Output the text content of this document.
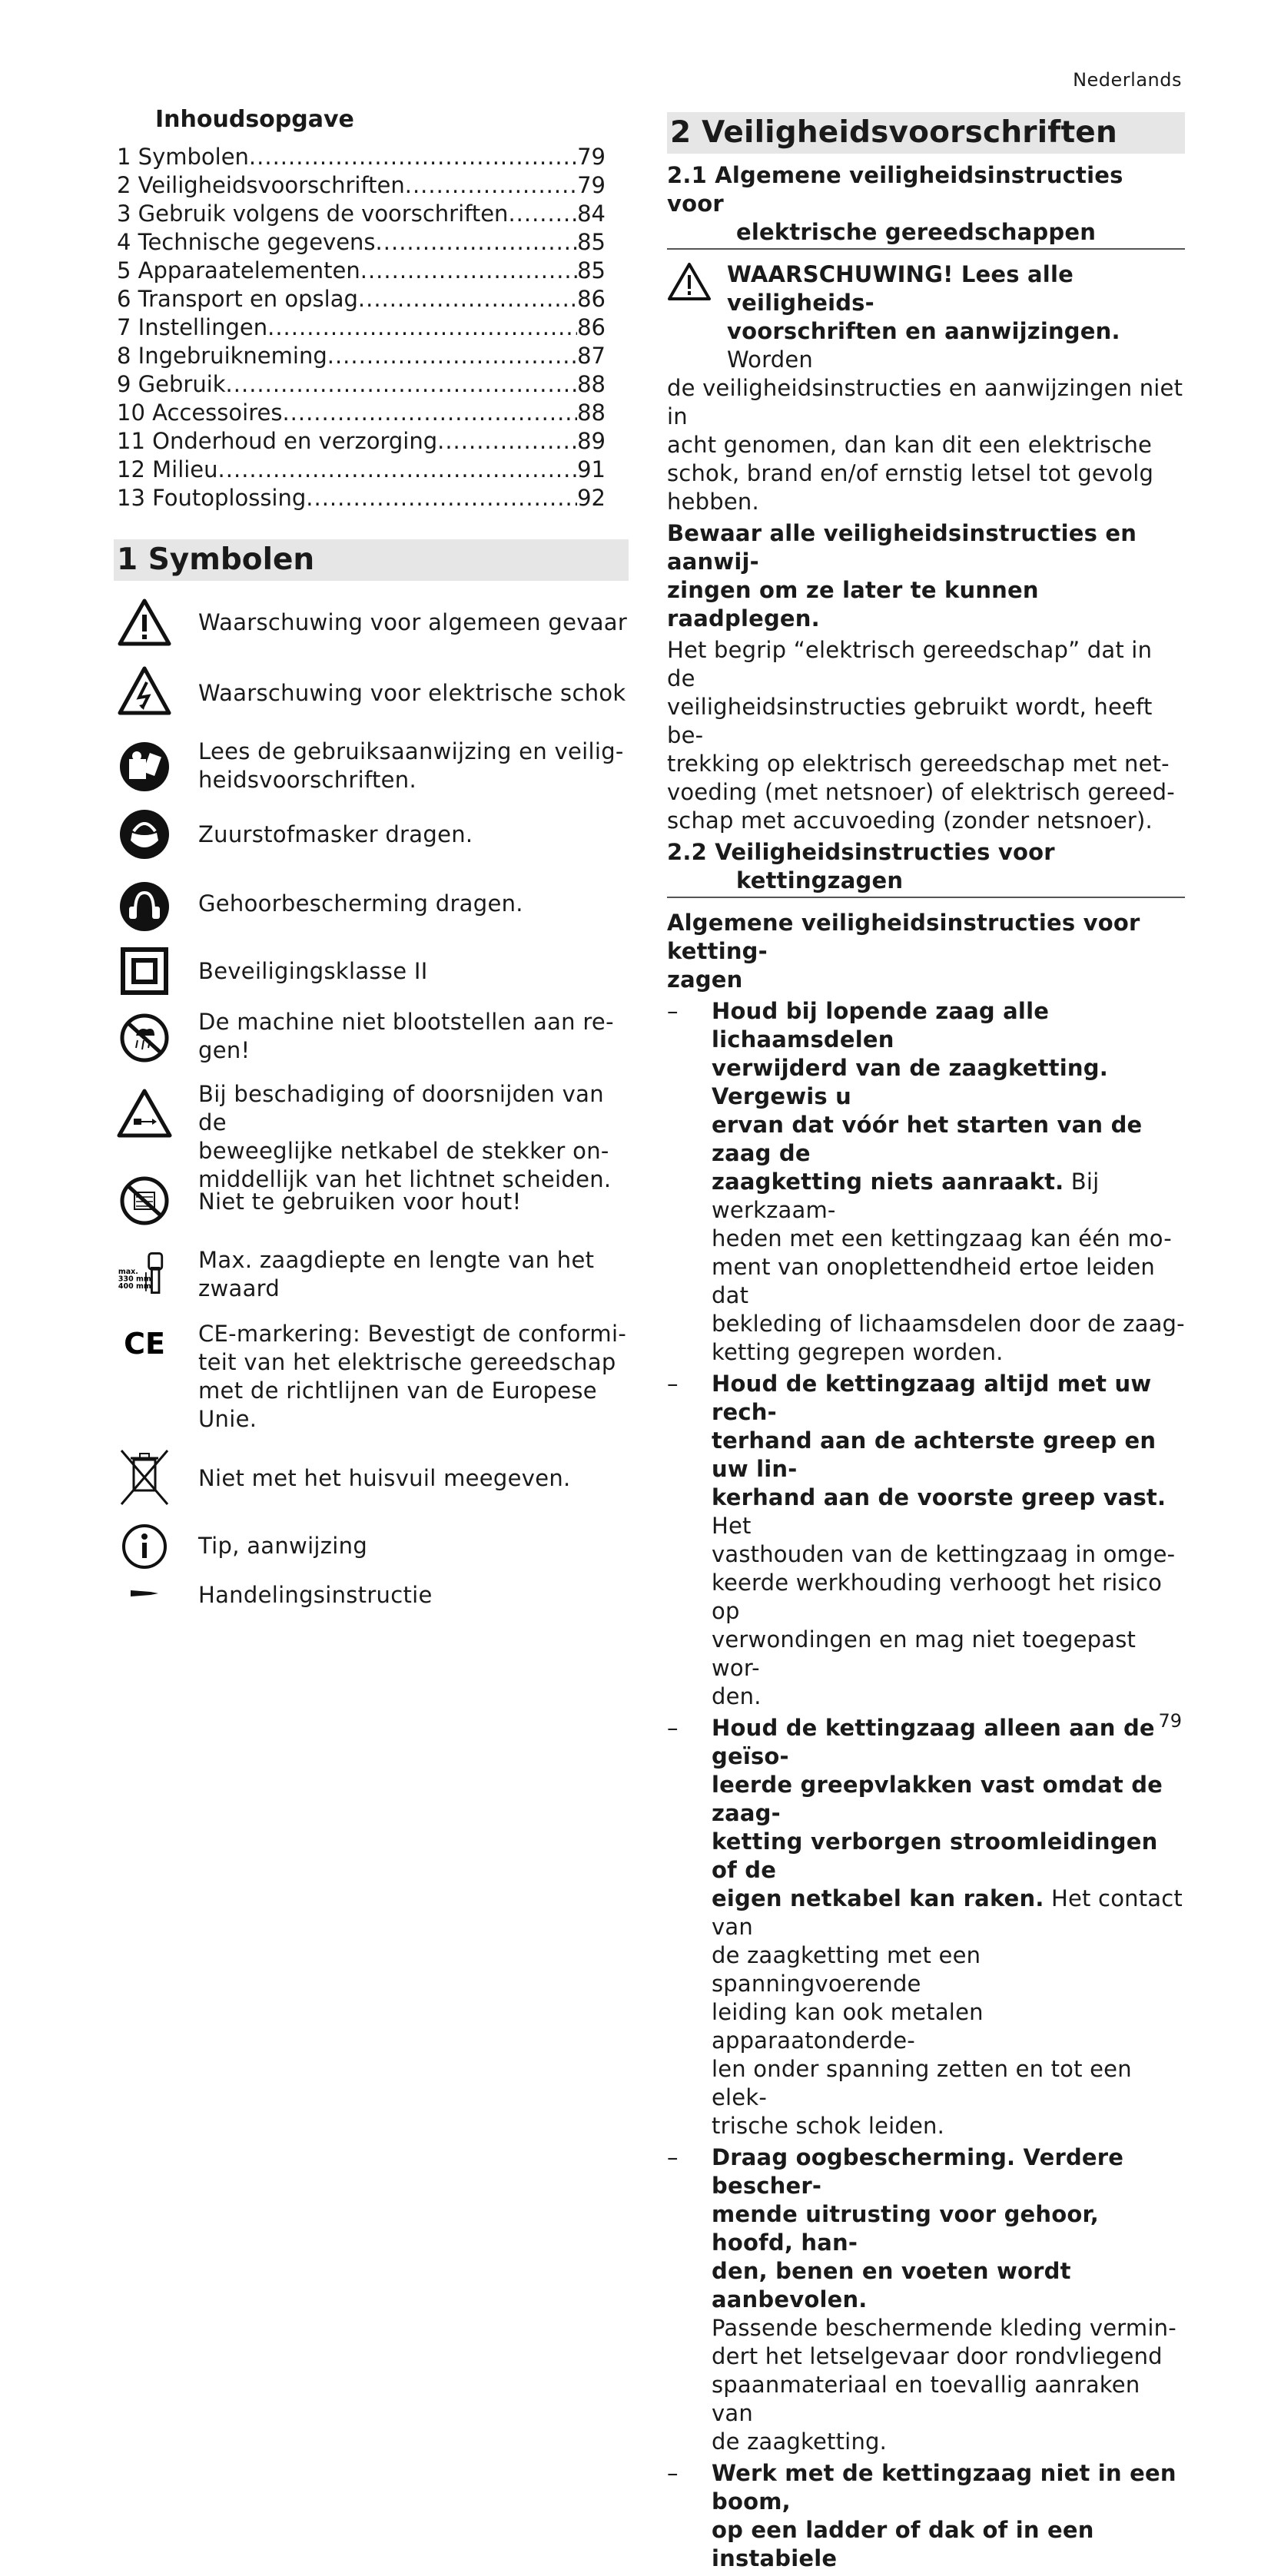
Nederlands
Inhoudsopgave
1 Symbolen .....	79
2 Veiligheidsvoorschriften .....	79
3 Gebruik volgens de voorschriften .....	84
4 Technische gegevens .....	85
5 Apparaatelementen .....	85
6 Transport en opslag .....	86
7 Instellingen .....	86
8 Ingebruikneming .....	87
9 Gebruik .....	88
10 Accessoires .....	88
11 Onderhoud en verzorging .....	89
12 Milieu .....	91
13 Foutoplossing .....	92
1 Symbolen
Waarschuwing voor algemeen gevaar
Waarschuwing voor elektrische schok
Lees de gebruiksaanwijzing en veilig-
heidsvoorschriften.
Zuurstofmasker dragen.
Gehoorbescherming dragen.
Beveiligingsklasse II
De machine niet blootstellen aan re-
gen!
Bij beschadiging of doorsnijden van de
beweeglijke netkabel de stekker on-
middellijk van het lichtnet scheiden.
Niet te gebruiken voor hout!
max.
330 mm
400 mm
Max. zaagdiepte en lengte van het
zwaard
CE CE-markering: Bevestigt de conformi-
teit van het elektrische gereedschap
met de richtlijnen van de Europese
Unie.
Niet met het huisvuil meegeven.
Tip, aanwijzing
Handelingsinstructie
2 Veiligheidsvoorschriften
2.1 Algemene veiligheidsinstructies voor
elektrische gereedschappen
WAARSCHUWING! Lees alle veiligheids-
voorschriften en aanwijzingen. Worden
de veiligheidsinstructies en aanwijzingen niet in
acht genomen, dan kan dit een elektrische
schok, brand en/of ernstig letsel tot gevolg
hebben.
Bewaar alle veiligheidsinstructies en aanwij-
zingen om ze later te kunnen raadplegen.
Het begrip “elektrisch gereedschap” dat in de
veiligheidsinstructies gebruikt wordt, heeft be-
trekking op elektrisch gereedschap met net-
voeding (met netsnoer) of elektrisch gereed-
schap met accuvoeding (zonder netsnoer).
2.2 Veiligheidsinstructies voor
kettingzagen
Algemene veiligheidsinstructies voor ketting-
zagen
– Houd bij lopende zaag alle lichaamsdelen
verwijderd van de zaagketting. Vergewis u
ervan dat vóór het starten van de zaag de
zaagketting niets aanraakt. Bij werkzaam-
heden met een kettingzaag kan één mo-
ment van onoplettendheid ertoe leiden dat
bekleding of lichaamsdelen door de zaag-
ketting gegrepen worden.
– Houd de kettingzaag altijd met uw rech-
terhand aan de achterste greep en uw lin-
kerhand aan de voorste greep vast. Het
vasthouden van de kettingzaag in omge-
keerde werkhouding verhoogt het risico op
verwondingen en mag niet toegepast wor-
den.
– Houd de kettingzaag alleen aan de geïso-
leerde greepvlakken vast omdat de zaag-
ketting verborgen stroomleidingen of de
eigen netkabel kan raken. Het contact van
de zaagketting met een spanningvoerende
leiding kan ook metalen apparaatonderde-
len onder spanning zetten en tot een elek-
trische schok leiden.
– Draag oogbescherming. Verdere bescher-
mende uitrusting voor gehoor, hoofd, han-
den, benen en voeten wordt aanbevolen.
Passende beschermende kleding vermin-
dert het letselgevaar door rondvliegend
spaanmateriaal en toevallig aanraken van
de zaagketting.
– Werk met de kettingzaag niet in een boom,
op een ladder of dak of in een instabiele
79
